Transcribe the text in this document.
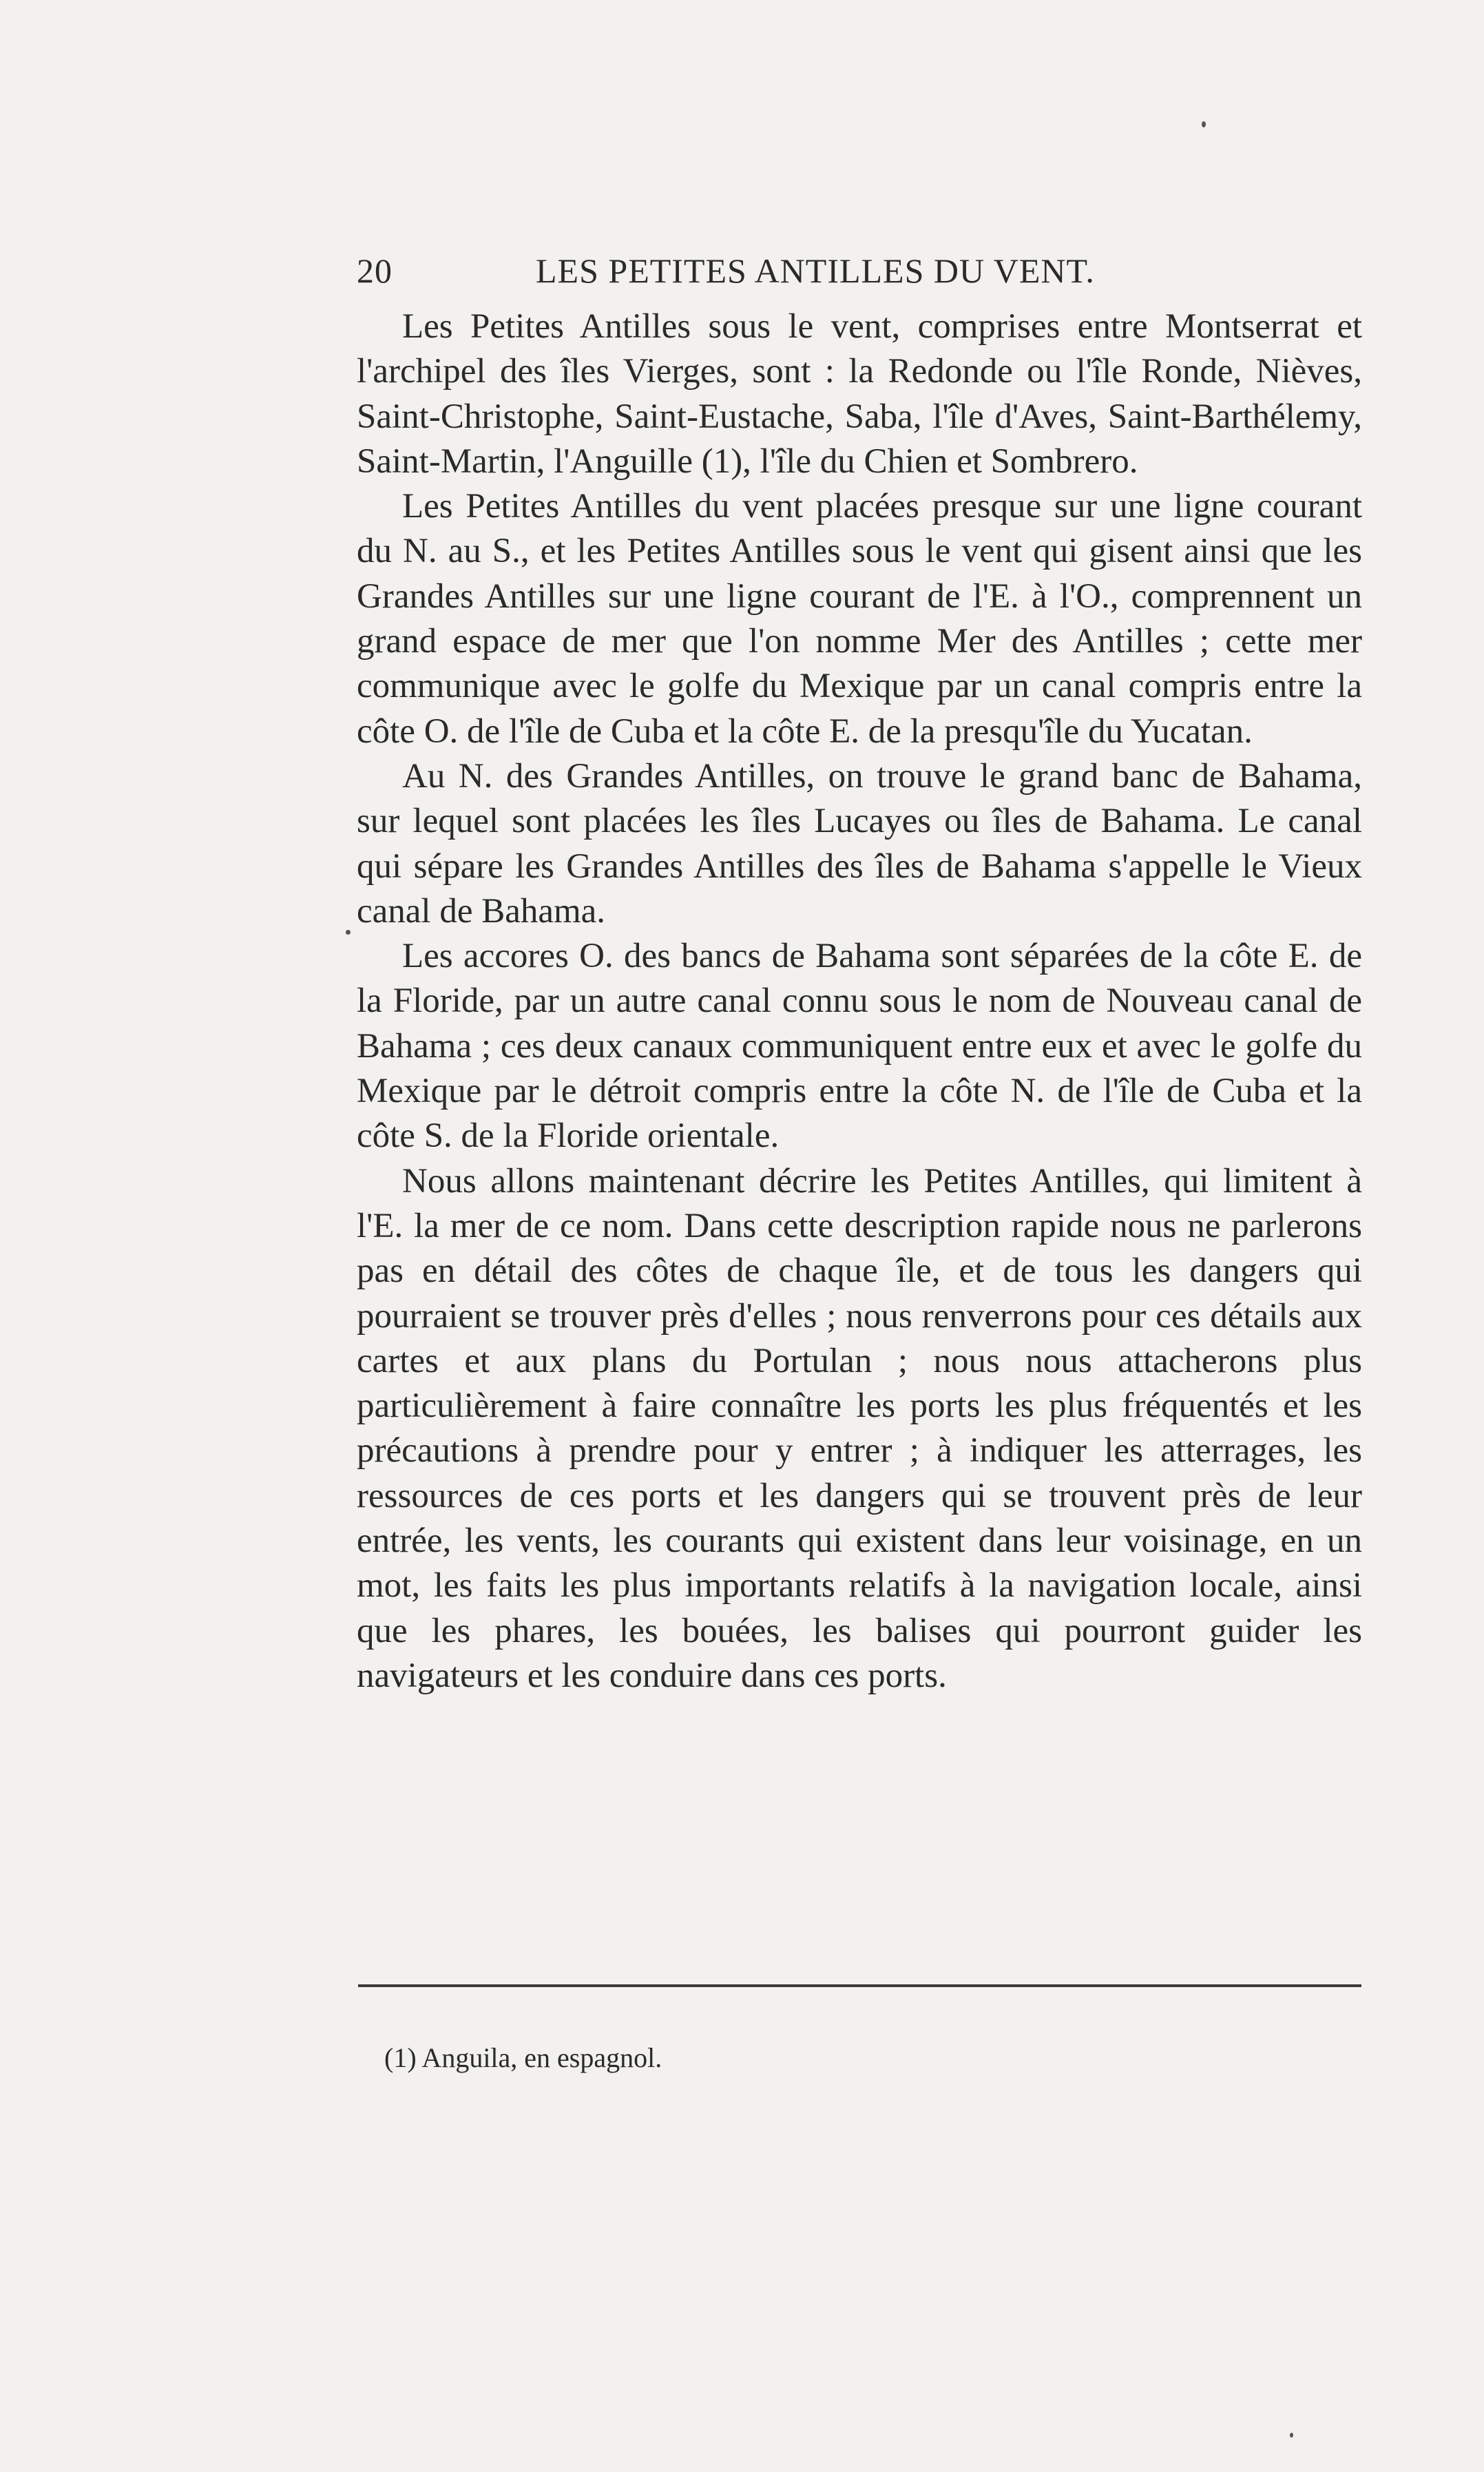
20	LES PETITES ANTILLES DU VENT.

Les Petites Antilles sous le vent, comprises entre Montserrat et l'archipel des îles Vierges, sont : la Redonde ou l'île Ronde, Nièves, Saint-Christophe, Saint-Eustache, Saba, l'île d'Aves, Saint-Barthélemy, Saint-Martin, l'Anguille (1), l'île du Chien et Sombrero.

Les Petites Antilles du vent placées presque sur une ligne courant du N. au S., et les Petites Antilles sous le vent qui gisent ainsi que les Grandes Antilles sur une ligne courant de l'E. à l'O., comprennent un grand espace de mer que l'on nomme Mer des Antilles ; cette mer communique avec le golfe du Mexique par un canal compris entre la côte O. de l'île de Cuba et la côte E. de la presqu'île du Yucatan.

Au N. des Grandes Antilles, on trouve le grand banc de Bahama, sur lequel sont placées les îles Lucayes ou îles de Bahama. Le canal qui sépare les Grandes Antilles des îles de Bahama s'appelle le Vieux canal de Bahama.

Les accores O. des bancs de Bahama sont séparées de la côte E. de la Floride, par un autre canal connu sous le nom de Nouveau canal de Bahama ; ces deux canaux communiquent entre eux et avec le golfe du Mexique par le détroit compris entre la côte N. de l'île de Cuba et la côte S. de la Floride orientale.

Nous allons maintenant décrire les Petites Antilles, qui limitent à l'E. la mer de ce nom. Dans cette description rapide nous ne parlerons pas en détail des côtes de chaque île, et de tous les dangers qui pourraient se trouver près d'elles ; nous renverrons pour ces détails aux cartes et aux plans du Portulan ; nous nous attacherons plus particulièrement à faire connaître les ports les plus fréquentés et les précautions à prendre pour y entrer ; à indiquer les atterrages, les ressources de ces ports et les dangers qui se trouvent près de leur entrée, les vents, les courants qui existent dans leur voisinage, en un mot, les faits les plus importants relatifs à la navigation locale, ainsi que les phares, les bouées, les balises qui pourront guider les navigateurs et les conduire dans ces ports.

(1) Anguila, en espagnol.
